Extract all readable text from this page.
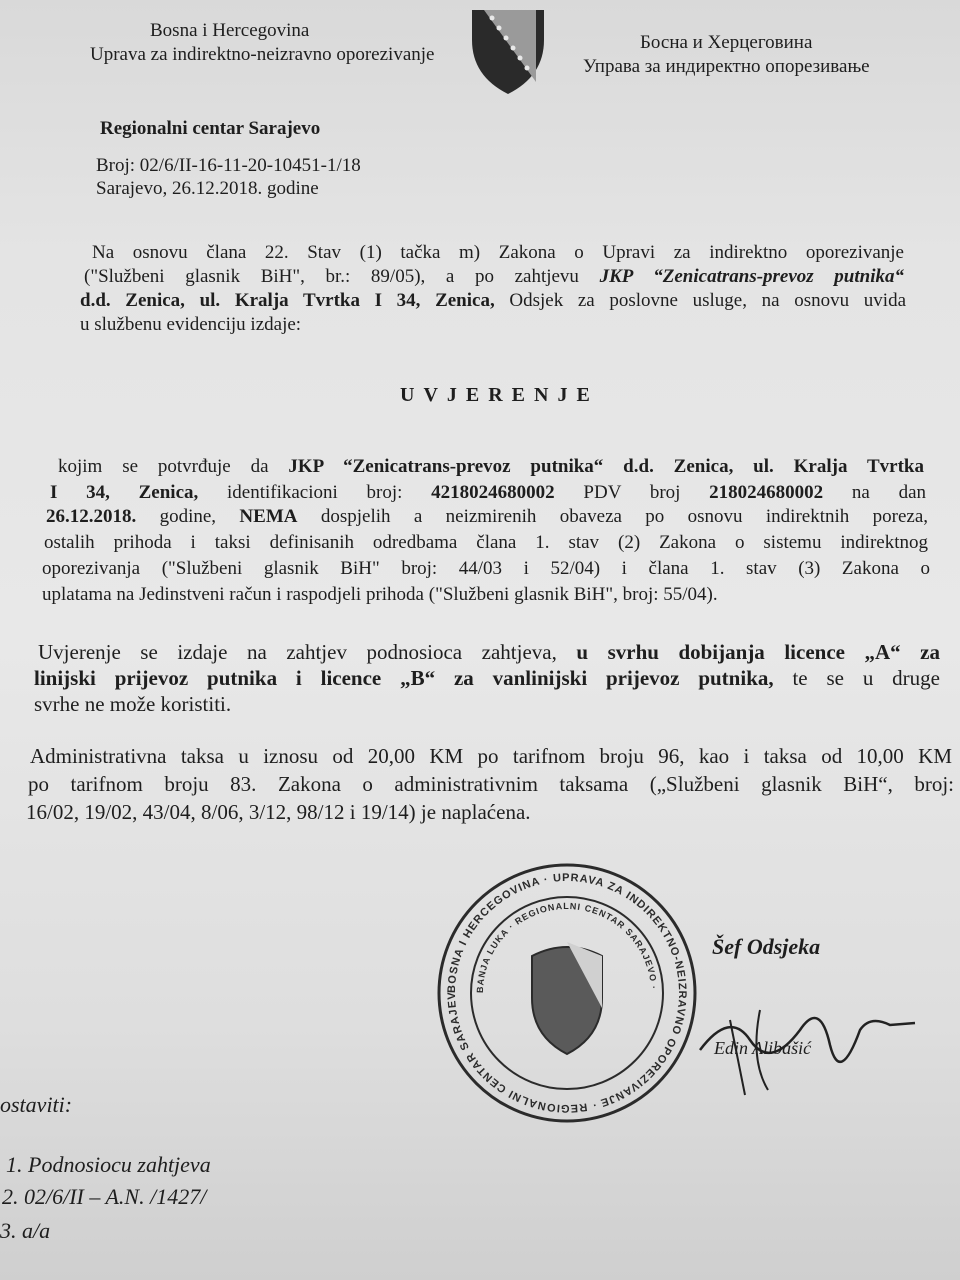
Bosna i Hercegovina
Uprava za indirektno-neizravno oporezivanje
Босна и Херцеговина
Управа за индиректно опорезивање
Regionalni centar Sarajevo
Broj: 02/6/II-16-11-20-10451-1/18
Sarajevo, 26.12.2018. godine
Na osnovu člana 22. Stav (1) tačka m) Zakona o Upravi za indirektno oporezivanje
("Službeni glasnik BiH", br.: 89/05), a po zahtjevu JKP “Zenicatrans-prevoz putnika“
d.d. Zenica, ul. Kralja Tvrtka I 34, Zenica, Odsjek za poslovne usluge, na osnovu uvida
u službenu evidenciju izdaje:
UVJERENJE
kojim se potvrđuje da JKP “Zenicatrans-prevoz putnika“ d.d. Zenica, ul. Kralja Tvrtka
I 34, Zenica, identifikacioni broj: 4218024680002 PDV broj 218024680002 na dan
26.12.2018. godine, NEMA dospjelih a neizmirenih obaveza po osnovu indirektnih poreza,
ostalih prihoda i taksi definisanih odredbama člana 1. stav (2) Zakona o sistemu indirektnog
oporezivanja ("Službeni glasnik BiH" broj: 44/03 i 52/04) i člana 1. stav (3) Zakona o
uplatama na Jedinstveni račun i raspodjeli prihoda ("Službeni glasnik BiH", broj: 55/04).
Uvjerenje se izdaje na zahtjev podnosioca zahtjeva, u svrhu dobijanja licence „A“ za
linijski prijevoz putnika i licence „B“ za vanlinijski prijevoz putnika, te se u druge
svrhe ne može koristiti.
Administrativna taksa u iznosu od 20,00 KM po tarifnom broju 96, kao i taksa od 10,00 KM
po tarifnom broju 83. Zakona o administrativnim taksama („Službeni glasnik BiH“, broj:
16/02, 19/02, 43/04, 8/06, 3/12, 98/12 i 19/14) je naplaćena.
BOSNA I HERCEGOVINA · UPRAVA ZA INDIREKTNO-NEIZRAVNO OPOREZIVANJE · REGIONALNI CENTAR SARAJEVO ·
BANJA LUKA · REGIONALNI CENTAR SARAJEVO ·
Šef Odsjeka
Edin Alibašić
ostaviti:
1. Podnosiocu zahtjeva
2. 02/6/II – A.N. /1427/
3. a/a
